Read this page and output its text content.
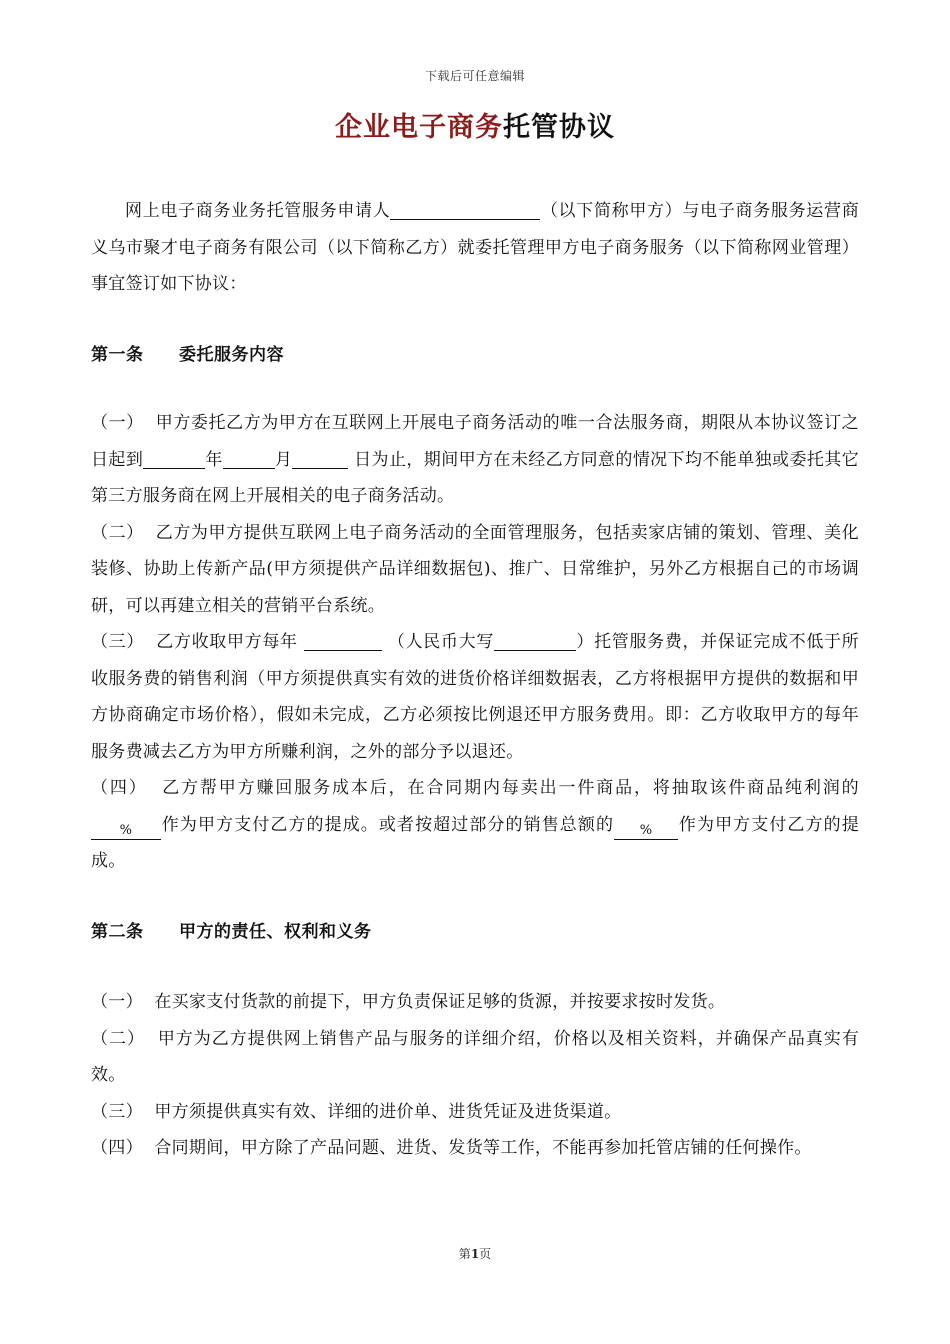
下载后可任意编辑
企业电子商务托管协议
网上电子商务业务托管服务申请人	（以下简称甲方）与电子商务服务运营商义乌市聚才电子商务有限公司（以下简称乙方）就委托管理甲方电子商务服务（以下简称网业管理）事宜签订如下协议：
第一条 委托服务内容

（一） 甲方委托乙方为甲方在互联网上开展电子商务活动的唯一合法服务商，期限从本协议签订之日起到	年	月	日为止，期间甲方在未经乙方同意的情况下均不能单独或委托其它第三方服务商在网上开展相关的电子商务活动。

（二） 乙方为甲方提供互联网上电子商务活动的全面管理服务，包括卖家店铺的策划、管理、美化装修、协助上传新产品(甲方须提供产品详细数据包)、推广、日常维护，另外乙方根据自己的市场调研，可以再建立相关的营销平台系统。

（三） 乙方收取甲方每年	（人民币大写	）托管服务费，并保证完成不低于所收服务费的销售利润（甲方须提供真实有效的进货价格详细数据表，乙方将根据甲方提供的数据和甲方协商确定市场价格），假如未完成，乙方必须按比例退还甲方服务费用。即：乙方收取甲方的每年服务费减去乙方为甲方所赚利润，之外的部分予以退还。

（四） 乙方帮甲方赚回服务成本后，在合同期内每卖出一件商品，将抽取该件商品纯利润的% 作为甲方支付乙方的提成。或者按超过部分的销售总额的 % 作为甲方支付乙方的提成。

第二条 甲方的责任、权利和义务

（一） 在买家支付货款的前提下，甲方负责保证足够的货源，并按要求按时发货。

（二） 甲方为乙方提供网上销售产品与服务的详细介绍，价格以及相关资料，并确保产品真实有效。

（三） 甲方须提供真实有效、详细的进价单、进货凭证及进货渠道。

（四） 合同期间，甲方除了产品问题、进货、发货等工作，不能再参加托管店铺的任何操作。

第1页
